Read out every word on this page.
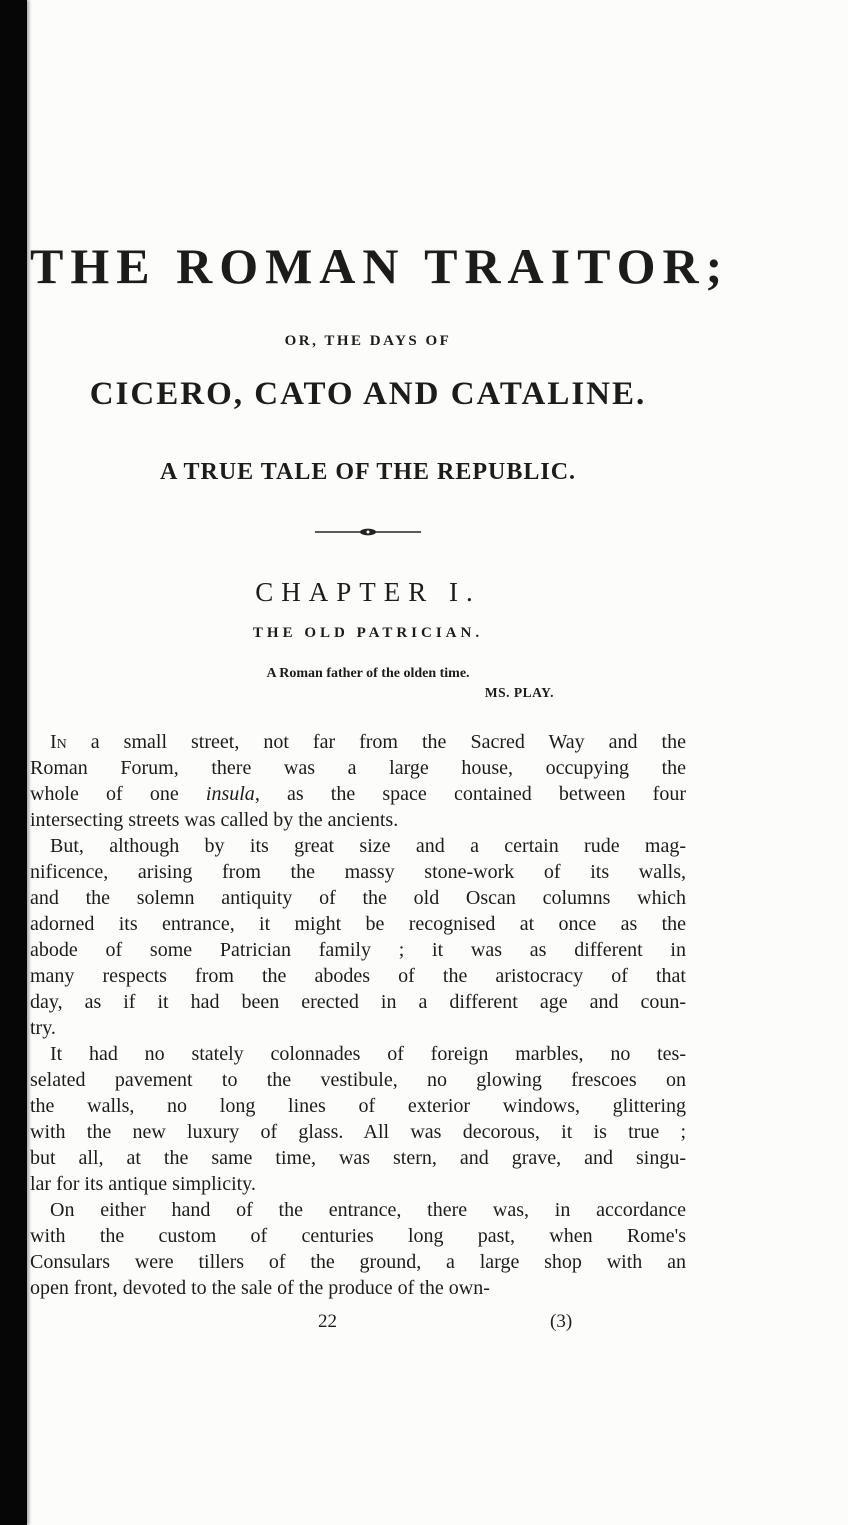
THE ROMAN TRAITOR;
OR, THE DAYS OF
CICERO, CATO AND CATALINE.
A TRUE TALE OF THE REPUBLIC.
CHAPTER I.
THE OLD PATRICIAN.
A Roman father of the olden time.
MS. PLAY.
In a small street, not far from the Sacred Way and the
Roman Forum, there was a large house, occupying the
whole of one insula, as the space contained between four
intersecting streets was called by the ancients.
But, although by its great size and a certain rude mag-
nificence, arising from the massy stone-work of its walls,
and the solemn antiquity of the old Oscan columns which
adorned its entrance, it might be recognised at once as the
abode of some Patrician family ; it was as different in
many respects from the abodes of the aristocracy of that
day, as if it had been erected in a different age and coun-
try.
It had no stately colonnades of foreign marbles, no tes-
selated pavement to the vestibule, no glowing frescoes on
the walls, no long lines of exterior windows, glittering
with the new luxury of glass. All was decorous, it is true ;
but all, at the same time, was stern, and grave, and singu-
lar for its antique simplicity.
On either hand of the entrance, there was, in accordance
with the custom of centuries long past, when Rome's
Consulars were tillers of the ground, a large shop with an
open front, devoted to the sale of the produce of the own-
22	(3)
